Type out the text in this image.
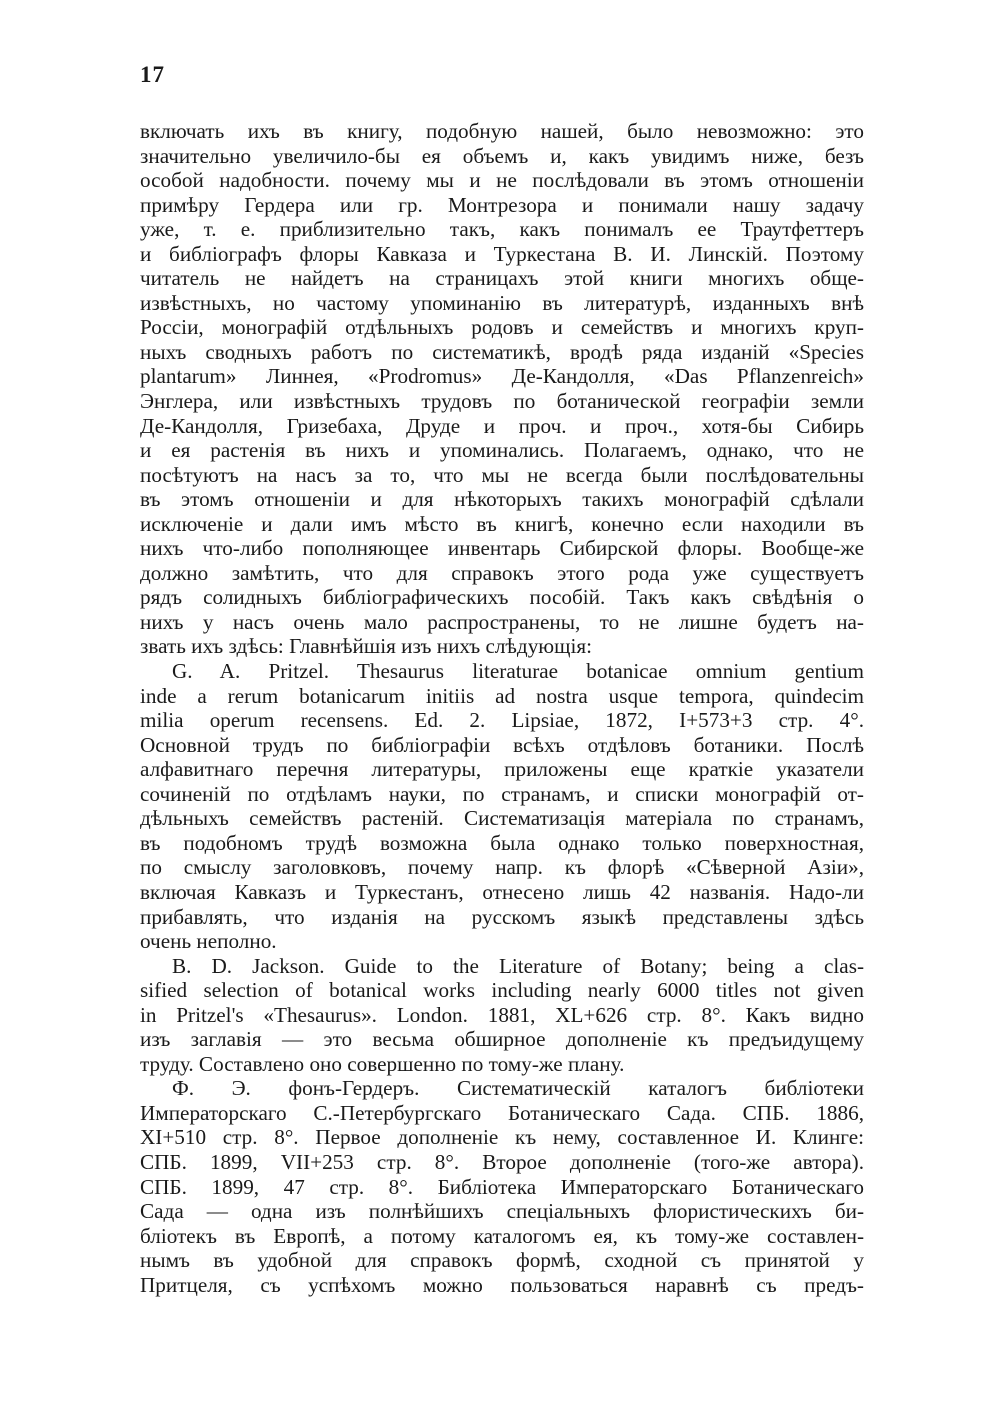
17
включать ихъ въ книгу, подобную нашей, было невозможно: это
значительно увеличило-бы ея объемъ и, какъ увидимъ ниже, безъ
особой надобности. почему мы и не послѣдовали въ этомъ отношеніи
примѣру Гердера или гр. Монтрезора и понимали нашу задачу
уже, т. е. приблизительно такъ, какъ понималъ ее Траутфеттеръ
и библіографъ флоры Кавказа и Туркестана В. И. Линскій. Поэтому
читатель не найдетъ на страницахъ этой книги многихъ обще-
извѣстныхъ, но частому упоминанію въ литературѣ, изданныхъ внѣ
Россіи, монографій отдѣльныхъ родовъ и семействъ и многихъ круп-
ныхъ сводныхъ работъ по систематикѣ, вродѣ ряда изданій «Species
plantarum» Линнея, «Prodromus» Де-Кандолля, «Das Pflanzenreich»
Энглера, или извѣстныхъ трудовъ по ботанической географіи земли
Де-Кандолля, Гризебаха, Друде и проч. и проч., хотя-бы Сибирь
и ея растенія въ нихъ и упоминались. Полагаемъ, однако, что не
посѣтуютъ на насъ за то, что мы не всегда были послѣдовательны
въ этомъ отношеніи и для нѣкоторыхъ такихъ монографій сдѣлали
исключеніе и дали имъ мѣсто въ книгѣ, конечно если находили въ
нихъ что-либо пополняющее инвентарь Сибирской флоры. Вообще-же
должно замѣтить, что для справокъ этого рода уже существуетъ
рядъ солидныхъ библіографическихъ пособій. Такъ какъ свѣдѣнія о
нихъ у насъ очень мало распространены, то не лишне будетъ на-
звать ихъ здѣсь: Главнѣйшія изъ нихъ слѣдующія:
G. A. Pritzel. Thesaurus literaturae botanicae omnium gentium
inde a rerum botanicarum initiis ad nostra usque tempora, quindecim
milia operum recensens. Ed. 2. Lipsiae, 1872, I+573+3 стр. 4°.
Основной трудъ по библіографіи всѣхъ отдѣловъ ботаники. Послѣ
алфавитнаго перечня литературы, приложены еще краткіе указатели
сочиненій по отдѣламъ науки, по странамъ, и списки монографій от-
дѣльныхъ семействъ растеній. Систематизація матеріала по странамъ,
въ подобномъ трудѣ возможна была однако только поверхностная,
по смыслу заголовковъ, почему напр. къ флорѣ «Сѣверной Азіи»,
включая Кавказъ и Туркестанъ, отнесено лишь 42 названія. Надо-ли
прибавлять, что изданія на русскомъ языкѣ представлены здѣсь
очень неполно.
B. D. Jackson. Guide to the Literature of Botany; being a clas-
sified selection of botanical works including nearly 6000 titles not given
in Pritzel's «Thesaurus». London. 1881, XL+626 стр. 8°. Какъ видно
изъ заглавія — это весьма обширное дополненіе къ предъидущему
труду. Составлено оно совершенно по тому-же плану.
Ф. Э. фонъ-Гердеръ. Систематическій каталогъ библіотеки
Императорскаго С.-Петербургскаго Ботаническаго Сада. СПБ. 1886,
XI+510 стр. 8°. Первое дополненіе къ нему, составленное И. Клинге:
СПБ. 1899, VII+253 стр. 8°. Второе дополненіе (того-же автора).
СПБ. 1899, 47 стр. 8°. Библіотека Императорскаго Ботаническаго
Сада — одна изъ полнѣйшихъ спеціальныхъ флористическихъ би-
бліотекъ въ Европѣ, а потому каталогомъ ея, къ тому-же составлен-
нымъ въ удобной для справокъ формѣ, сходной съ принятой у
Притцеля, съ успѣхомъ можно пользоваться наравнѣ съ предъ-
